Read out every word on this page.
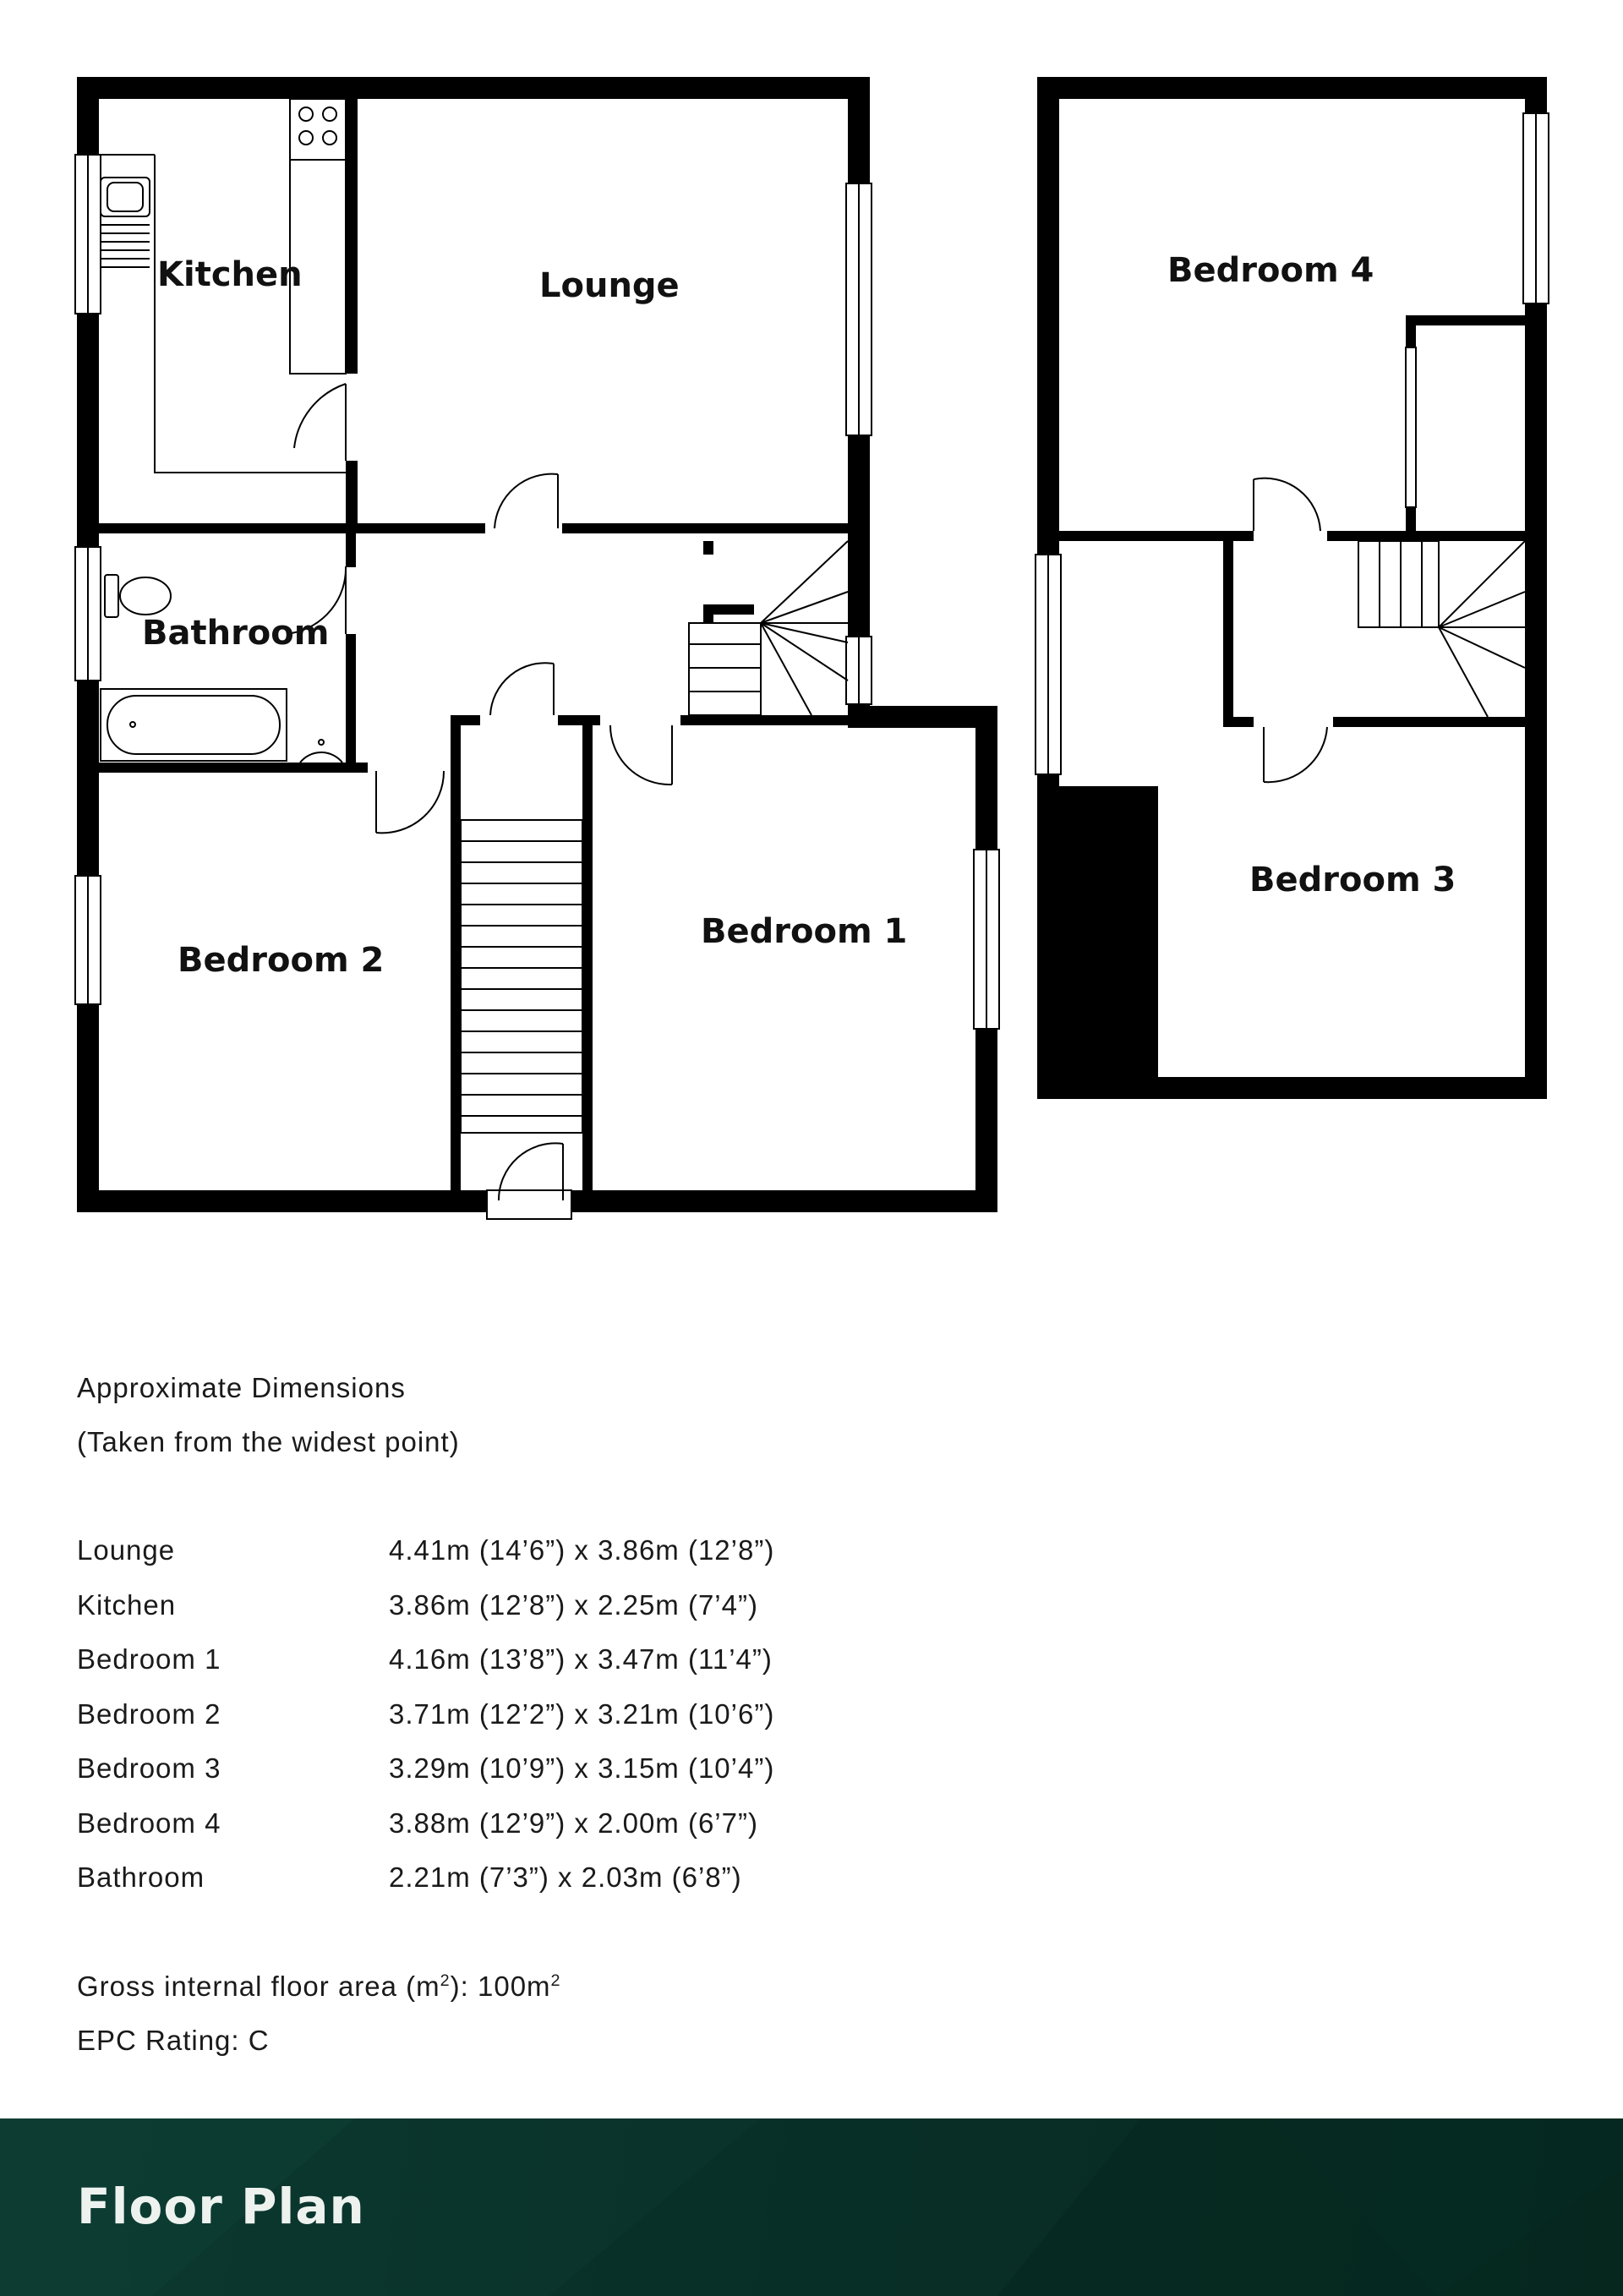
Kitchen	Lounge
Bathroom
Bedroom 1
Bedroom 2
Bedroom 3
Bedroom 4
Approximate Dimensions
(Taken from the widest point)
Lounge	4.41m (14’6”) x 3.86m (12’8”)
Kitchen	3.86m (12’8”) x 2.25m (7’4”)
Bedroom 1	4.16m (13’8”) x 3.47m (11’4”)
Bedroom 2	3.71m (12’2”) x 3.21m (10’6”)
Bedroom 3	3.29m (10’9”) x 3.15m (10’4”)
Bedroom 4	3.88m (12’9”) x 2.00m (6’7”)
Bathroom	2.21m (7’3”) x 2.03m (6’8”)
Gross internal floor area $(m^2)$: $100m^2$
EPC Rating: C
Floor Plan
